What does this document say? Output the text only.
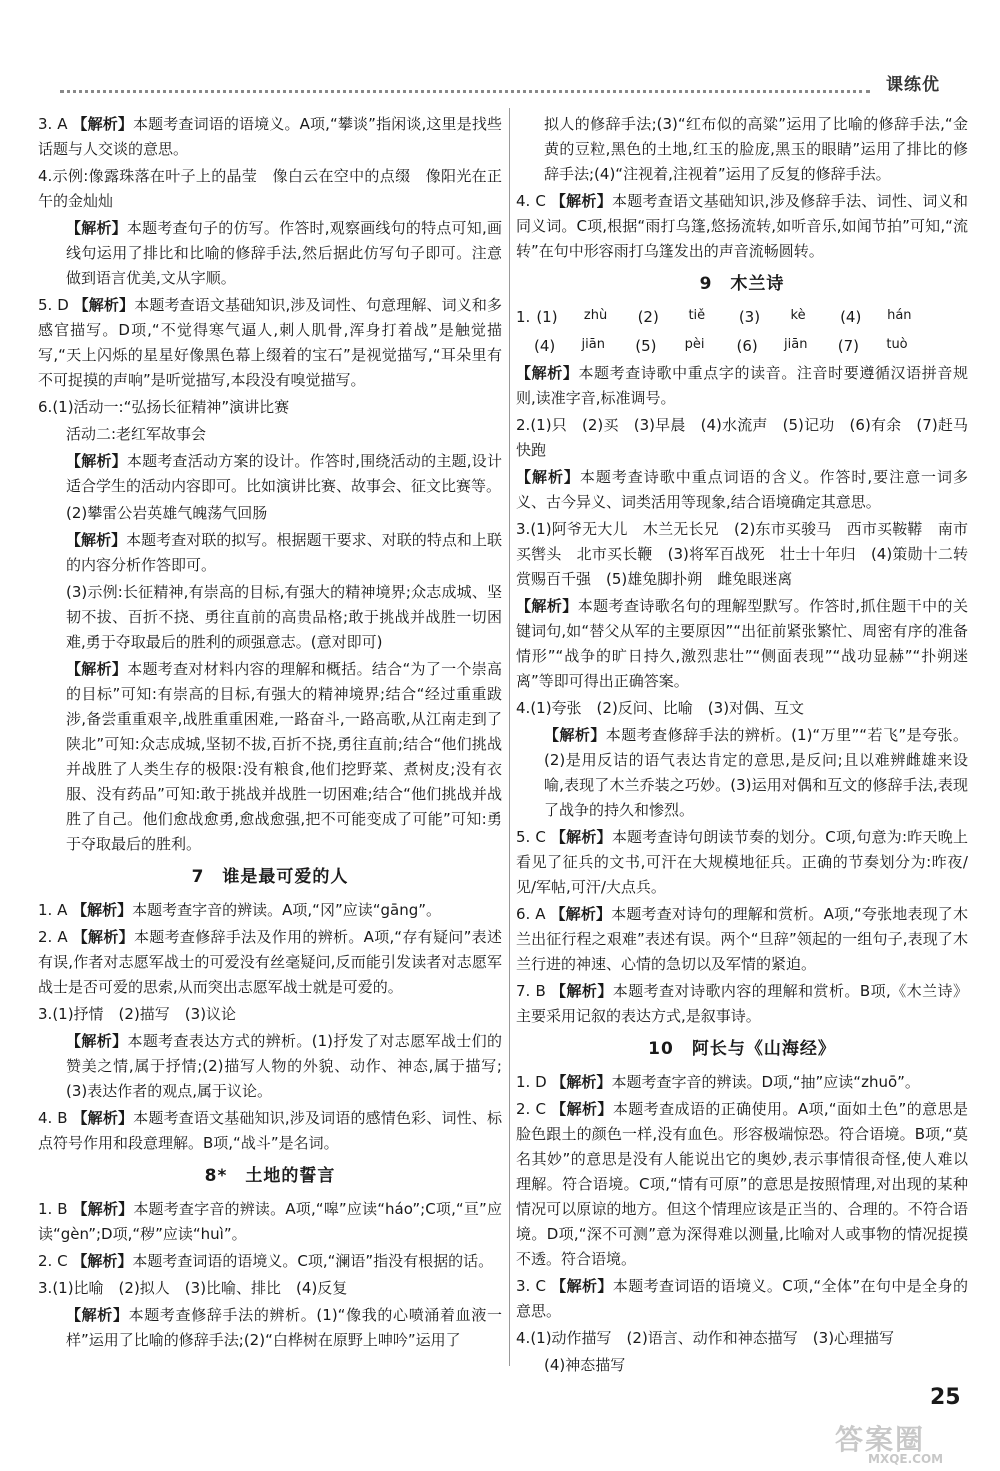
课练优

3. A 【解析】本题考查词语的语境义。A项,“攀谈”指闲谈,这里是找些话题与人交谈的意思。

4.示例:像露珠落在叶子上的晶莹　像白云在空中的点缀　像阳光在正午的金灿灿

【解析】本题考查句子的仿写。作答时,观察画线句的特点可知,画线句运用了排比和比喻的修辞手法,然后据此仿写句子即可。注意做到语言优美,文从字顺。

5. D 【解析】本题考查语文基础知识,涉及词性、句意理解、词义和多感官描写。D项,“不觉得寒气逼人,刺人肌骨,浑身打着战”是触觉描写,“天上闪烁的星星好像黑色幕上缀着的宝石”是视觉描写,“耳朵里有不可捉摸的声响”是听觉描写,本段没有嗅觉描写。

6.(1)活动一:“弘扬长征精神”演讲比赛

活动二:老红军故事会

【解析】本题考查活动方案的设计。作答时,围绕活动的主题,设计适合学生的活动内容即可。比如演讲比赛、故事会、征文比赛等。

(2)攀雷公岩英雄气魄荡气回肠

【解析】本题考查对联的拟写。根据题干要求、对联的特点和上联的内容分析作答即可。

(3)示例:长征精神,有崇高的目标,有强大的精神境界;众志成城、坚韧不拔、百折不挠、勇往直前的高贵品格;敢于挑战并战胜一切困难,勇于夺取最后的胜利的顽强意志。(意对即可)

【解析】本题考查对材料内容的理解和概括。结合“为了一个崇高的目标”可知:有崇高的目标,有强大的精神境界;结合“经过重重跋涉,备尝重重艰辛,战胜重重困难,一路奋斗,一路高歌,从江南走到了陕北”可知:众志成城,坚韧不拔,百折不挠,勇往直前;结合“他们挑战并战胜了人类生存的极限:没有粮食,他们挖野菜、煮树皮;没有衣服、没有药品”可知:敢于挑战并战胜一切困难;结合“他们挑战并战胜了自己。他们愈战愈勇,愈战愈强,把不可能变成了可能”可知:勇于夺取最后的胜利。

7　谁是最可爱的人

1. A 【解析】本题考查字音的辨读。A项,“冈”应读“gāng”。

2. A 【解析】本题考查修辞手法及作用的辨析。A项,“存有疑问”表述有误,作者对志愿军战士的可爱没有丝毫疑问,反而能引发读者对志愿军战士是否可爱的思索,从而突出志愿军战士就是可爱的。

3.(1)抒情　(2)描写　(3)议论

【解析】本题考查表达方式的辨析。(1)抒发了对志愿军战士们的赞美之情,属于抒情;(2)描写人物的外貌、动作、神态,属于描写;(3)表达作者的观点,属于议论。

4. B 【解析】本题考查语文基础知识,涉及词语的感情色彩、词性、标点符号作用和段意理解。B项,“战斗”是名词。

8*　土地的誓言

1. B 【解析】本题考查字音的辨读。A项,“嗥”应读“háo”;C项,“亘”应读“gèn”;D项,“秽”应读“huì”。

2. C 【解析】本题考查词语的语境义。C项,“澜语”指没有根据的话。

3.(1)比喻　(2)拟人　(3)比喻、排比　(4)反复

【解析】本题考查修辞手法的辨析。(1)“像我的心喷涌着血液一样”运用了比喻的修辞手法;(2)“白桦树在原野上呻吟”运用了

拟人的修辞手法;(3)“红布似的高粱”运用了比喻的修辞手法,“金黄的豆粒,黑色的土地,红玉的脸庞,黑玉的眼睛”运用了排比的修辞手法;(4)“注视着,注视着”运用了反复的修辞手法。

4. C 【解析】本题考查语文基础知识,涉及修辞手法、词性、词义和同义词。C项,根据“雨打乌篷,悠扬流转,如听音乐,如闻节拍”可知,“流转”在句中形容雨打乌篷发出的声音流畅圆转。

9　木兰诗
1. (1)	zhù	(2)	tiě	(3)	kè	(4)	hán
(4)	jiān	(5)	pèi	(6)	jiān	(7)	tuò

【解析】本题考查诗歌中重点字的读音。注音时要遵循汉语拼音规则,读准字音,标准调号。

2.(1)只　(2)买　(3)早晨　(4)水流声　(5)记功　(6)有余　(7)赶马快跑

【解析】本题考查诗歌中重点词语的含义。作答时,要注意一词多义、古今异义、词类活用等现象,结合语境确定其意思。

3.(1)阿爷无大儿　木兰无长兄　(2)东市买骏马　西市买鞍鞯　南市买辔头　北市买长鞭　(3)将军百战死　壮士十年归　(4)策勋十二转　赏赐百千强　(5)雄兔脚扑朔　雌兔眼迷离

【解析】本题考查诗歌名句的理解型默写。作答时,抓住题干中的关键词句,如“替父从军的主要原因”“出征前紧张繁忙、周密有序的准备情形”“战争的旷日持久,激烈悲壮”“侧面表现”“战功显赫”“扑朔迷离”等即可得出正确答案。

4.(1)夸张　(2)反问、比喻　(3)对偶、互文

【解析】本题考查修辞手法的辨析。(1)“万里”“若飞”是夸张。(2)是用反诘的语气表达肯定的意思,是反问;且以难辨雌雄来设喻,表现了木兰乔装之巧妙。(3)运用对偶和互文的修辞手法,表现了战争的持久和惨烈。

5. C 【解析】本题考查诗句朗读节奏的划分。C项,句意为:昨天晚上看见了征兵的文书,可汗在大规模地征兵。正确的节奏划分为:昨夜/见/军帖,可汗/大点兵。

6. A 【解析】本题考查对诗句的理解和赏析。A项,“夸张地表现了木兰出征行程之艰难”表述有误。两个“旦辞”领起的一组句子,表现了木兰行进的神速、心情的急切以及军情的紧迫。

7. B 【解析】本题考查对诗歌内容的理解和赏析。B项,《木兰诗》主要采用记叙的表达方式,是叙事诗。

10　阿长与《山海经》

1. D 【解析】本题考查字音的辨读。D项,“抽”应读“zhuō”。

2. C 【解析】本题考查成语的正确使用。A项,“面如土色”的意思是脸色跟土的颜色一样,没有血色。形容极端惊恐。符合语境。B项,“莫名其妙”的意思是没有人能说出它的奥妙,表示事情很奇怪,使人难以理解。符合语境。C项,“情有可原”的意思是按照情理,对出现的某种情况可以原谅的地方。但这个情理应该是正当的、合理的。不符合语境。D项,“深不可测”意为深得难以测量,比喻对人或事物的情况捉摸不透。符合语境。

3. C 【解析】本题考查词语的语境义。C项,“全体”在句中是全身的意思。

4.(1)动作描写　(2)语言、动作和神态描写　(3)心理描写

(4)神态描写

25
答案圈
MXQE.COM
